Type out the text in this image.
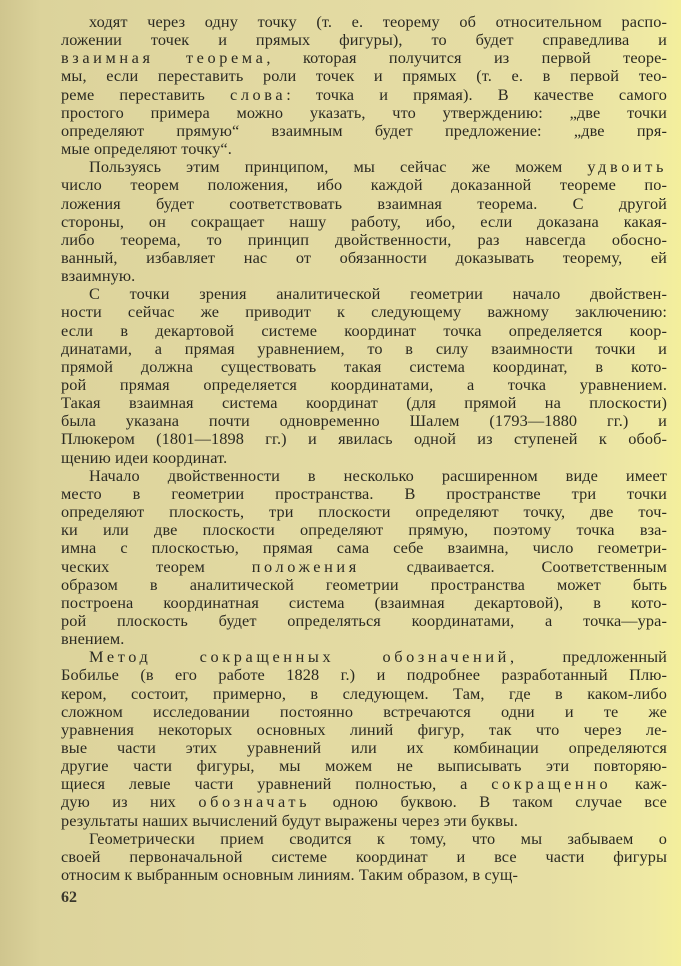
ходят через одну точку (т. е. теорему об относительном распо-
ложении точек и прямых фигуры), то будет справедлива и
взаимная теорема, которая получится из первой теоре-
мы, если переставить роли точек и прямых (т. е. в первой тео-
реме переставить слова: точка и прямая). В качестве самого
простого примера можно указать, что утверждению: „две точки
определяют прямую“ взаимным будет предложение: „две пря-
мые определяют точку“.
Пользуясь этим принципом, мы сейчас же можем удвоить
число теорем положения, ибо каждой доказанной теореме по-
ложения будет соответствовать взаимная теорема. С другой
стороны, он сокращает нашу работу, ибо, если доказана какая-
либо теорема, то принцип двойственности, раз навсегда обосно-
ванный, избавляет нас от обязанности доказывать теорему, ей
взаимную.
С точки зрения аналитической геометрии начало двойствен-
ности сейчас же приводит к следующему важному заключению:
если в декартовой системе координат точка определяется коор-
динатами, а прямая уравнением, то в силу взаимности точки и
прямой должна существовать такая система координат, в кото-
рой прямая определяется координатами, а точка уравнением.
Такая взаимная система координат (для прямой на плоскости)
была указана почти одновременно Шалем (1793—1880 гг.) и
Плюкером (1801—1898 гг.) и явилась одной из ступеней к обоб-
щению идеи координат.
Начало двойственности в несколько расширенном виде имеет
место в геометрии пространства. В пространстве три точки
определяют плоскость, три плоскости определяют точку, две точ-
ки или две плоскости определяют прямую, поэтому точка вза-
имна с плоскостью, прямая сама себе взаимна, число геометри-
ческих теорем положения сдваивается. Соответственным
образом в аналитической геометрии пространства может быть
построена координатная система (взаимная декартовой), в кото-
рой плоскость будет определяться координатами, а точка—ура-
внением.
Метод	сокращенных	обозначений, предложенный
Бобилье (в его работе 1828 г.) и подробнее разработанный Плю-
кером, состоит, примерно, в следующем. Там, где в каком-либо
сложном исследовании постоянно встречаются одни и те же
уравнения некоторых основных линий фигур, так что через ле-
вые части этих уравнений или их комбинации определяются
другие части фигуры, мы можем не выписывать эти повторяю-
щиеся левые части уравнений полностью, а сокращенно каж-
дую из них обозначать одною буквою. В таком случае все
результаты наших вычислений будут выражены через эти буквы.
Геометрически прием сводится к тому, что мы забываем о
своей первоначальной системе координат и все части фигуры
относим к выбранным основным линиям. Таким образом, в сущ-
62
